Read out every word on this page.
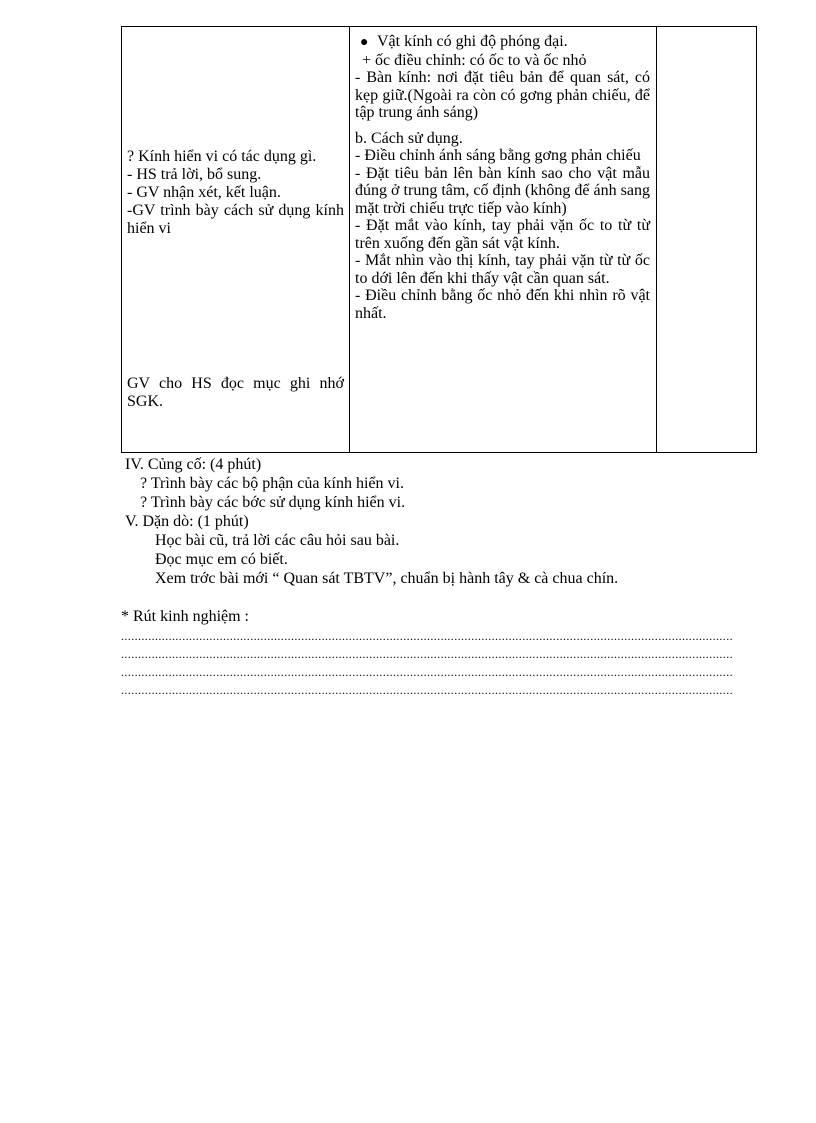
? Kính hiển vi có tác dụng gì.
- HS trả lời, bổ sung.
- GV nhận xét, kết luận.
-GV trình bày cách sử dụng kính hiển vi
GV cho HS đọc mục ghi nhớ SGK.

● Vật kính có ghi độ phóng đại.
+ ốc điều chỉnh: có ốc to và ốc nhỏ
- Bàn kính: nơi đặt tiêu bản để quan sát, có kẹp giữ.(Ngoài ra còn có gơng phản chiếu, để tập trung ánh sáng)
b. Cách sử dụng.
- Điều chỉnh ánh sáng bằng gơng phản chiếu
- Đặt tiêu bản lên bàn kính sao cho vật mẫu đúng ở trung tâm, cố định (không để ánh sang mặt trời chiếu trực tiếp vào kính)
- Đặt mắt vào kính, tay phải vặn ốc to từ từ trên xuống đến gần sát vật kính.
- Mắt nhìn vào thị kính, tay phải vặn từ từ ốc to dới lên đến khi thấy vật cần quan sát.
- Điều chỉnh bằng ốc nhỏ đến khi nhìn rõ vật nhất.

IV. Củng cố: (4 phút)
? Trình bày các bộ phận của kính hiển vi.
? Trình bày các bớc sử dụng kính hiển vi.
V. Dặn dò: (1 phút)
Học bài cũ, trả lời các câu hỏi sau bài.
Đọc mục em có biết.
Xem trớc bài mới “ Quan sát TBTV”, chuẩn bị hành tây & cà chua chín.
* Rút kinh nghiệm :
....................................................................................................................................................................................
....................................................................................................................................................................................
....................................................................................................................................................................................
....................................................................................................................................................................................
